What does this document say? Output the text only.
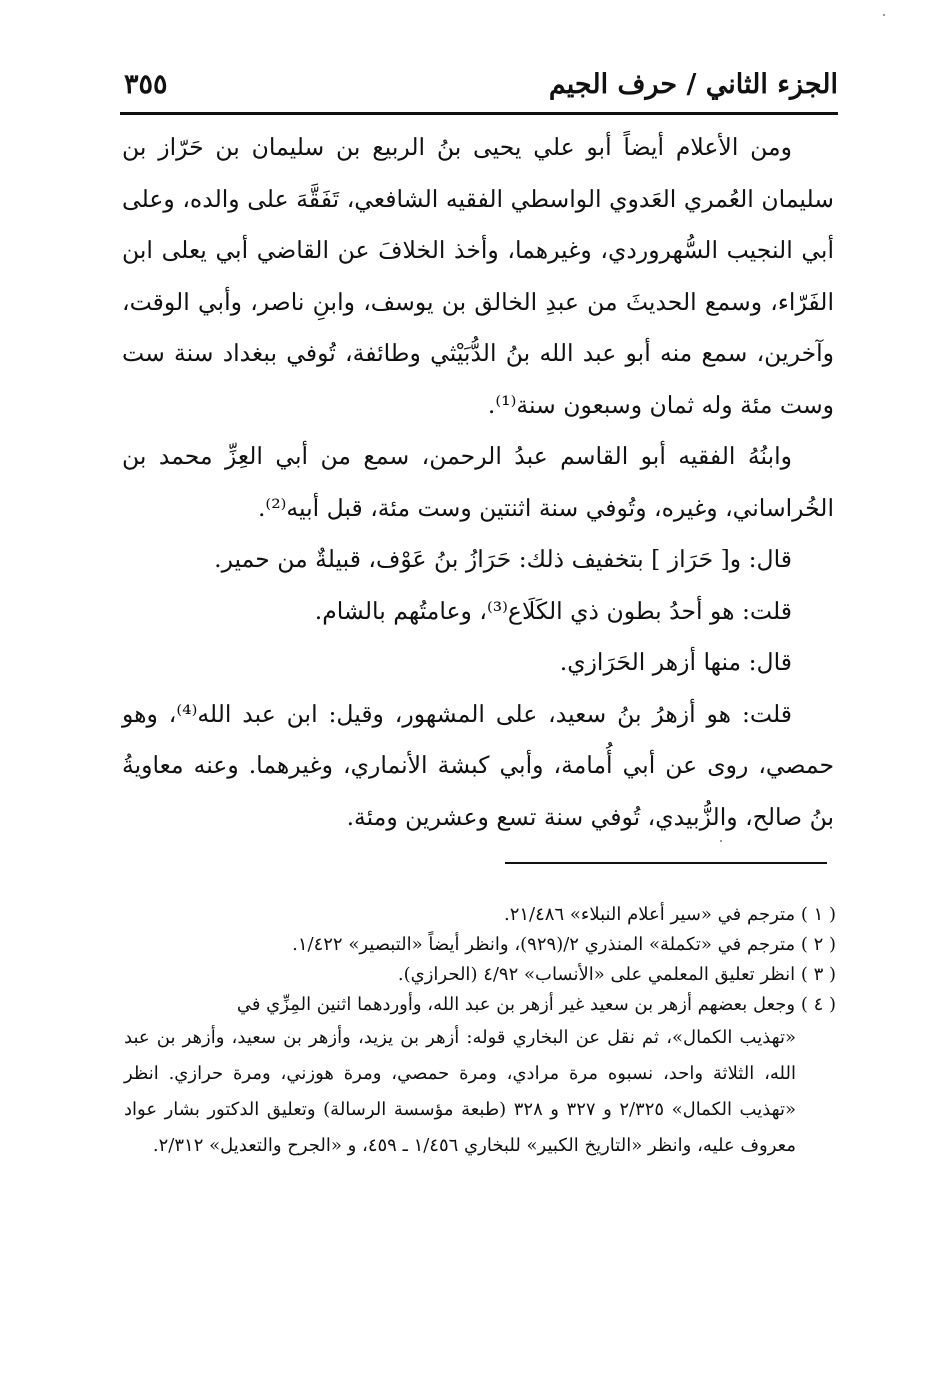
الجزء الثاني / حرف الجيم
٣٥٥

ومن الأعلام أيضاً أبو علي يحيى بنُ الربيع بن سليمان بن حَرّاز بن سليمان العُمري العَدوي الواسطي الفقيه الشافعي، تَفَقَّهَ على والده، وعلى أبي النجيب السُّهروردي، وغيرهما، وأخذ الخلافَ عن القاضي أبي يعلى ابن الفَرّاء، وسمع الحديثَ من عبدِ الخالق بن يوسف، وابنِ ناصر، وأبي الوقت، وآخرين، سمع منه أبو عبد الله بنُ الدُّبَيْثي وطائفة، تُوفي ببغداد سنة ست وست مئة وله ثمان وسبعون سنة⁽¹⁾.

وابنُهُ الفقيه أبو القاسم عبدُ الرحمن، سمع من أبي العِزِّ محمد بن الخُراساني، وغيره، وتُوفي سنة اثنتين وست مئة، قبل أبيه⁽²⁾.

قال: و[ حَرَاز ] بتخفيف ذلك: حَرَازُ بنُ عَوْف، قبيلةٌ من حمير.

قلت: هو أحدُ بطون ذي الكَلَاع⁽³⁾، وعامتُهم بالشام.

قال: منها أزهر الحَرَازي.

قلت: هو أزهرُ بنُ سعيد، على المشهور، وقيل: ابن عبد الله⁽⁴⁾، وهو حمصي، روى عن أبي أُمامة، وأبي كبشة الأنماري، وغيرهما. وعنه معاويةُ بنُ صالح، والزُّبيدي، تُوفي سنة تسع وعشرين ومئة.

( ١ ) مترجم في «سير أعلام النبلاء» ٢١/٤٨٦.

( ٢ ) مترجم في «تكملة» المنذري ٢/(٩٢٩)، وانظر أيضاً «التبصير» ١/٤٢٢.

( ٣ ) انظر تعليق المعلمي على «الأنساب» ٤/٩٢ (الحرازي).

( ٤ ) وجعل بعضهم أزهر بن سعيد غير أزهر بن عبد الله، وأوردهما اثنين المِزِّي في

«تهذيب الكمال»، ثم نقل عن البخاري قوله: أزهر بن يزيد، وأزهر بن سعيد، وأزهر بن عبد الله، الثلاثة واحد، نسبوه مرة مرادي، ومرة حمصي، ومرة هوزني، ومرة حرازي. انظر «تهذيب الكمال» ٢/٣٢٥ و ٣٢٧ و ٣٢٨ (طبعة مؤسسة الرسالة) وتعليق الدكتور بشار عواد معروف عليه، وانظر «التاريخ الكبير» للبخاري ١/٤٥٦ ـ ٤٥٩، و «الجرح والتعديل» ٢/٣١٢.
